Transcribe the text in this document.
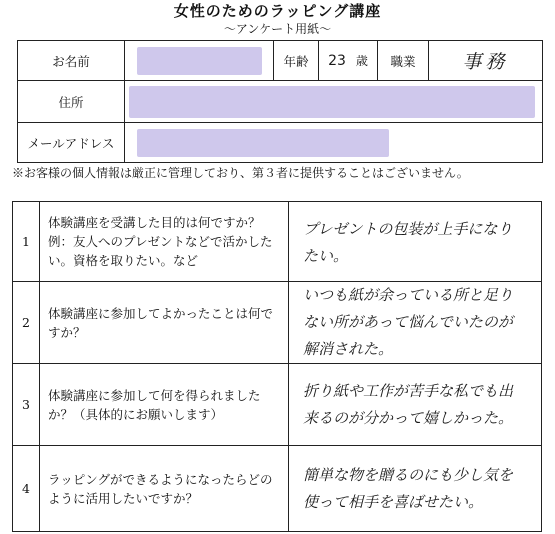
女性のためのラッピング講座
〜アンケート用紙〜
お名前		年齢	23 歳	職業	事務
住所					

メールアドレス					
※お客様の個人情報は厳正に管理しており、第３者に提供することはございません。
1	体験講座を受講した目的は何ですか？例：友人へのプレゼントなどで活かしたい。資格を取りたい。など	プレゼントの包装が上手になりたい。
2	体験講座に参加してよかったことは何ですか？	いつも紙が余っている所と足りない所があって悩んでいたのが解消された。
3	体験講座に参加して何を得られましたか？（具体的にお願いします）	折り紙や工作が苦手な私でも出来るのが分かって嬉しかった。
4	ラッピングができるようになったらどのように活用したいですか？	簡単な物を贈るのにも少し気を使って相手を喜ばせたい。
